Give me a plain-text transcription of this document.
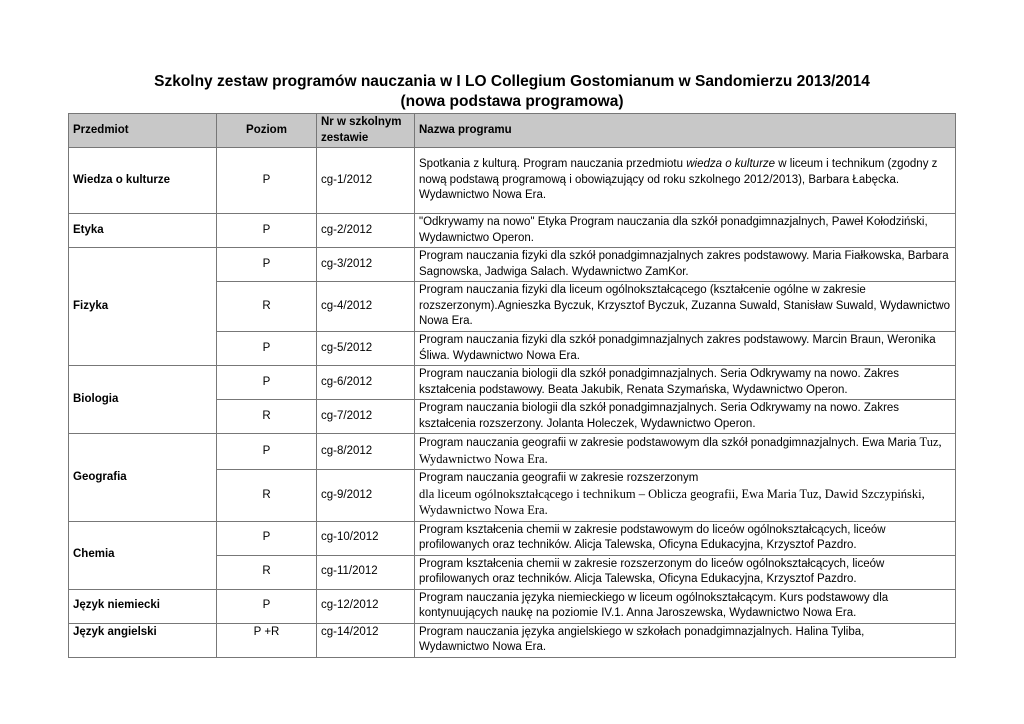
Szkolny zestaw programów nauczania w I LO Collegium Gostomianum w Sandomierzu 2013/2014
(nowa podstawa programowa)
Przedmiot	Poziom	Nr w szkolnym zestawie	Nazwa programu
Wiedza o kulturze	P	cg-1/2012	Spotkania z kulturą. Program nauczania przedmiotu wiedza o kulturze w liceum i technikum (zgodny z nową podstawą programową i obowiązujący od roku szkolnego 2012/2013), Barbara Łabęcka. Wydawnictwo Nowa Era.
Etyka	P	cg-2/2012	"Odkrywamy na nowo" Etyka Program nauczania dla szkół ponadgimnazjalnych, Paweł Kołodziński, Wydawnictwo Operon.
Fizyka	P	cg-3/2012	Program nauczania fizyki dla szkół ponadgimnazjalnych zakres podstawowy. Maria Fiałkowska, Barbara Sagnowska, Jadwiga Salach. Wydawnictwo ZamKor.
	R	cg-4/2012	Program nauczania fizyki dla liceum ogólnokształcącego (kształcenie ogólne w zakresie rozszerzonym).Agnieszka Byczuk, Krzysztof Byczuk, Zuzanna Suwald, Stanisław Suwald, Wydawnictwo Nowa Era.
	P	cg-5/2012	Program nauczania fizyki dla szkół ponadgimnazjalnych zakres podstawowy. Marcin Braun, Weronika Śliwa. Wydawnictwo Nowa Era.
Biologia	P	cg-6/2012	Program nauczania biologii dla szkół ponadgimnazjalnych. Seria Odkrywamy na nowo. Zakres kształcenia podstawowy. Beata Jakubik, Renata Szymańska, Wydawnictwo Operon.
	R	cg-7/2012	Program nauczania biologii dla szkół ponadgimnazjalnych. Seria Odkrywamy na nowo. Zakres kształcenia rozszerzony. Jolanta Holeczek, Wydawnictwo Operon.
Geografia	P	cg-8/2012	Program nauczania geografii w zakresie podstawowym dla szkół ponadgimnazjalnych. Ewa Maria Tuz, Wydawnictwo Nowa Era.
	R	cg-9/2012	Program nauczania geografii w zakresie rozszerzonym
dla liceum ogólnokształcącego i technikum – Oblicza geografii, Ewa Maria Tuz, Dawid Szczypiński, Wydawnictwo Nowa Era.
Chemia	P	cg-10/2012	Program kształcenia chemii w zakresie podstawowym do liceów ogólnokształcących, liceów profilowanych oraz techników. Alicja Talewska, Oficyna Edukacyjna, Krzysztof Pazdro.
	R	cg-11/2012	Program kształcenia chemii w zakresie rozszerzonym do liceów ogólnokształcących, liceów profilowanych oraz techników. Alicja Talewska, Oficyna Edukacyjna, Krzysztof Pazdro.
Język niemiecki	P	cg-12/2012	Program nauczania języka niemieckiego w liceum ogólnokształcącym. Kurs podstawowy dla kontynuujących naukę na poziomie IV.1. Anna Jaroszewska, Wydawnictwo Nowa Era.
Język angielski	P +R	cg-14/2012	Program nauczania języka angielskiego w szkołach ponadgimnazjalnych. Halina Tyliba,
Wydawnictwo Nowa Era.
